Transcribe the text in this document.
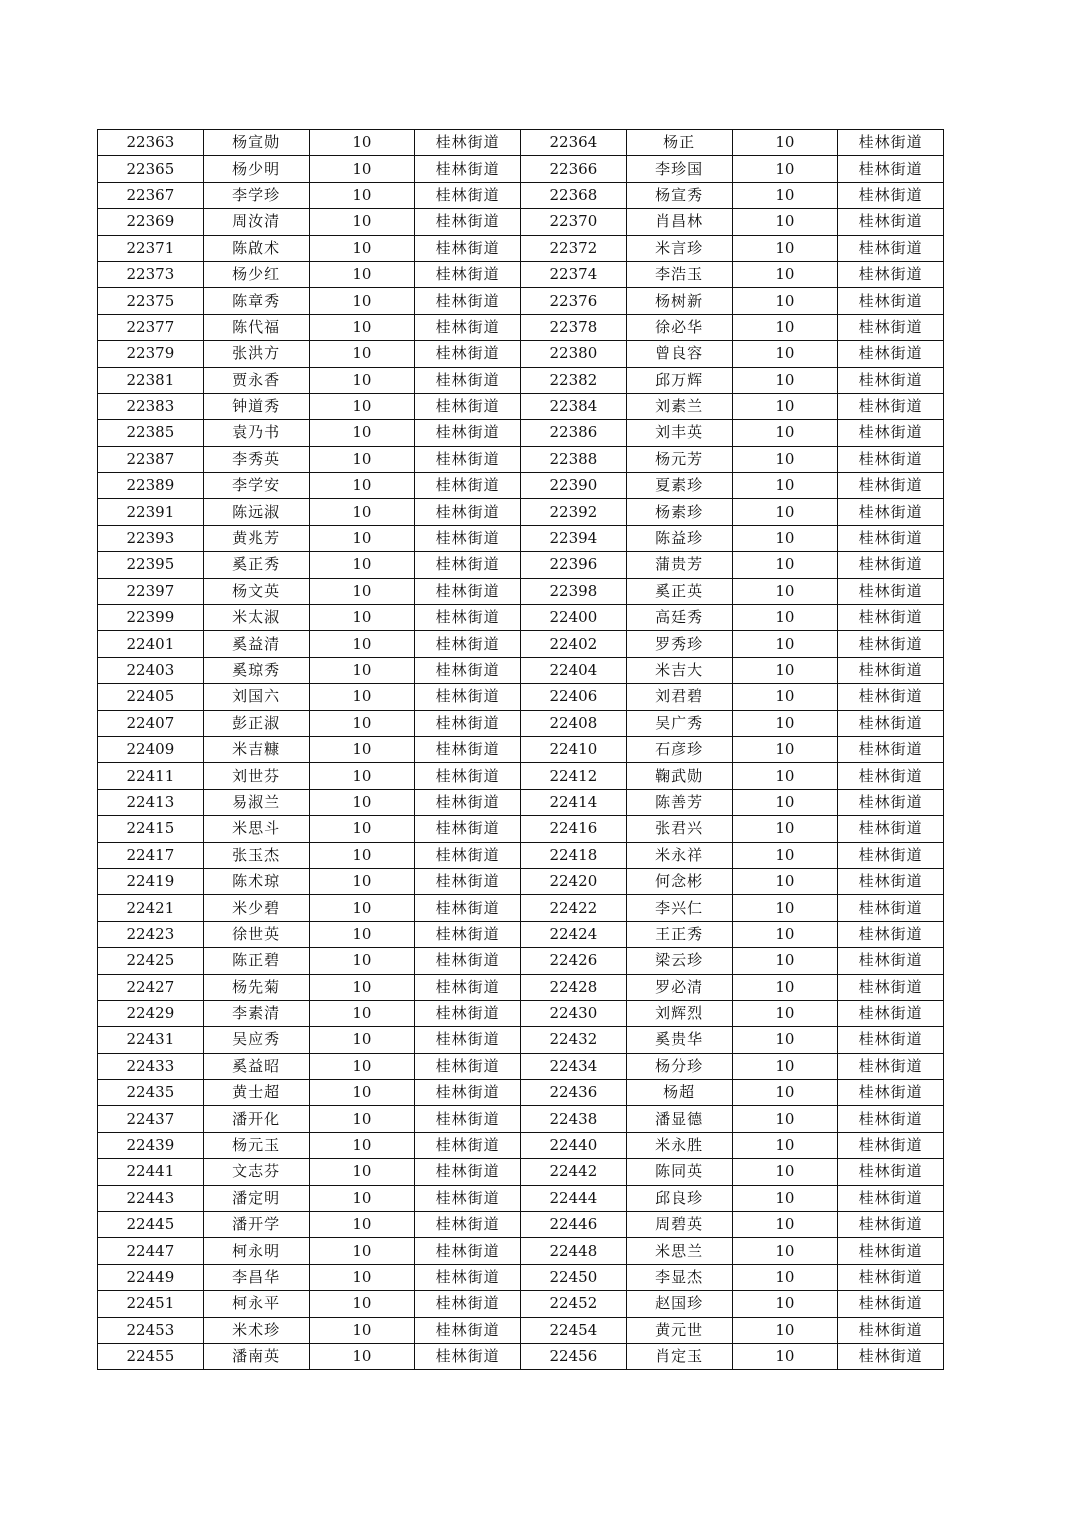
22363	杨宣勋	10	桂林街道	22364	杨正	10	桂林街道
22365	杨少明	10	桂林街道	22366	李珍国	10	桂林街道
22367	李学珍	10	桂林街道	22368	杨宣秀	10	桂林街道
22369	周汝清	10	桂林街道	22370	肖昌林	10	桂林街道
22371	陈啟术	10	桂林街道	22372	米言珍	10	桂林街道
22373	杨少红	10	桂林街道	22374	李浩玉	10	桂林街道
22375	陈章秀	10	桂林街道	22376	杨树新	10	桂林街道
22377	陈代福	10	桂林街道	22378	徐必华	10	桂林街道
22379	张洪方	10	桂林街道	22380	曾良容	10	桂林街道
22381	贾永香	10	桂林街道	22382	邱万辉	10	桂林街道
22383	钟道秀	10	桂林街道	22384	刘素兰	10	桂林街道
22385	袁乃书	10	桂林街道	22386	刘丰英	10	桂林街道
22387	李秀英	10	桂林街道	22388	杨元芳	10	桂林街道
22389	李学安	10	桂林街道	22390	夏素珍	10	桂林街道
22391	陈远淑	10	桂林街道	22392	杨素珍	10	桂林街道
22393	黄兆芳	10	桂林街道	22394	陈益珍	10	桂林街道
22395	奚正秀	10	桂林街道	22396	蒲贵芳	10	桂林街道
22397	杨文英	10	桂林街道	22398	奚正英	10	桂林街道
22399	米太淑	10	桂林街道	22400	高廷秀	10	桂林街道
22401	奚益清	10	桂林街道	22402	罗秀珍	10	桂林街道
22403	奚琼秀	10	桂林街道	22404	米吉大	10	桂林街道
22405	刘国六	10	桂林街道	22406	刘君碧	10	桂林街道
22407	彭正淑	10	桂林街道	22408	吴广秀	10	桂林街道
22409	米吉糠	10	桂林街道	22410	石彦珍	10	桂林街道
22411	刘世芬	10	桂林街道	22412	鞠武勋	10	桂林街道
22413	易淑兰	10	桂林街道	22414	陈善芳	10	桂林街道
22415	米思斗	10	桂林街道	22416	张君兴	10	桂林街道
22417	张玉杰	10	桂林街道	22418	米永祥	10	桂林街道
22419	陈术琼	10	桂林街道	22420	何念彬	10	桂林街道
22421	米少碧	10	桂林街道	22422	李兴仁	10	桂林街道
22423	徐世英	10	桂林街道	22424	王正秀	10	桂林街道
22425	陈正碧	10	桂林街道	22426	梁云珍	10	桂林街道
22427	杨先菊	10	桂林街道	22428	罗必清	10	桂林街道
22429	李素清	10	桂林街道	22430	刘辉烈	10	桂林街道
22431	吴应秀	10	桂林街道	22432	奚贵华	10	桂林街道
22433	奚益昭	10	桂林街道	22434	杨分珍	10	桂林街道
22435	黄士超	10	桂林街道	22436	杨超	10	桂林街道
22437	潘开化	10	桂林街道	22438	潘显德	10	桂林街道
22439	杨元玉	10	桂林街道	22440	米永胜	10	桂林街道
22441	文志芬	10	桂林街道	22442	陈同英	10	桂林街道
22443	潘定明	10	桂林街道	22444	邱良珍	10	桂林街道
22445	潘开学	10	桂林街道	22446	周碧英	10	桂林街道
22447	柯永明	10	桂林街道	22448	米思兰	10	桂林街道
22449	李昌华	10	桂林街道	22450	李显杰	10	桂林街道
22451	柯永平	10	桂林街道	22452	赵国珍	10	桂林街道
22453	米术珍	10	桂林街道	22454	黄元世	10	桂林街道
22455	潘南英	10	桂林街道	22456	肖定玉	10	桂林街道
